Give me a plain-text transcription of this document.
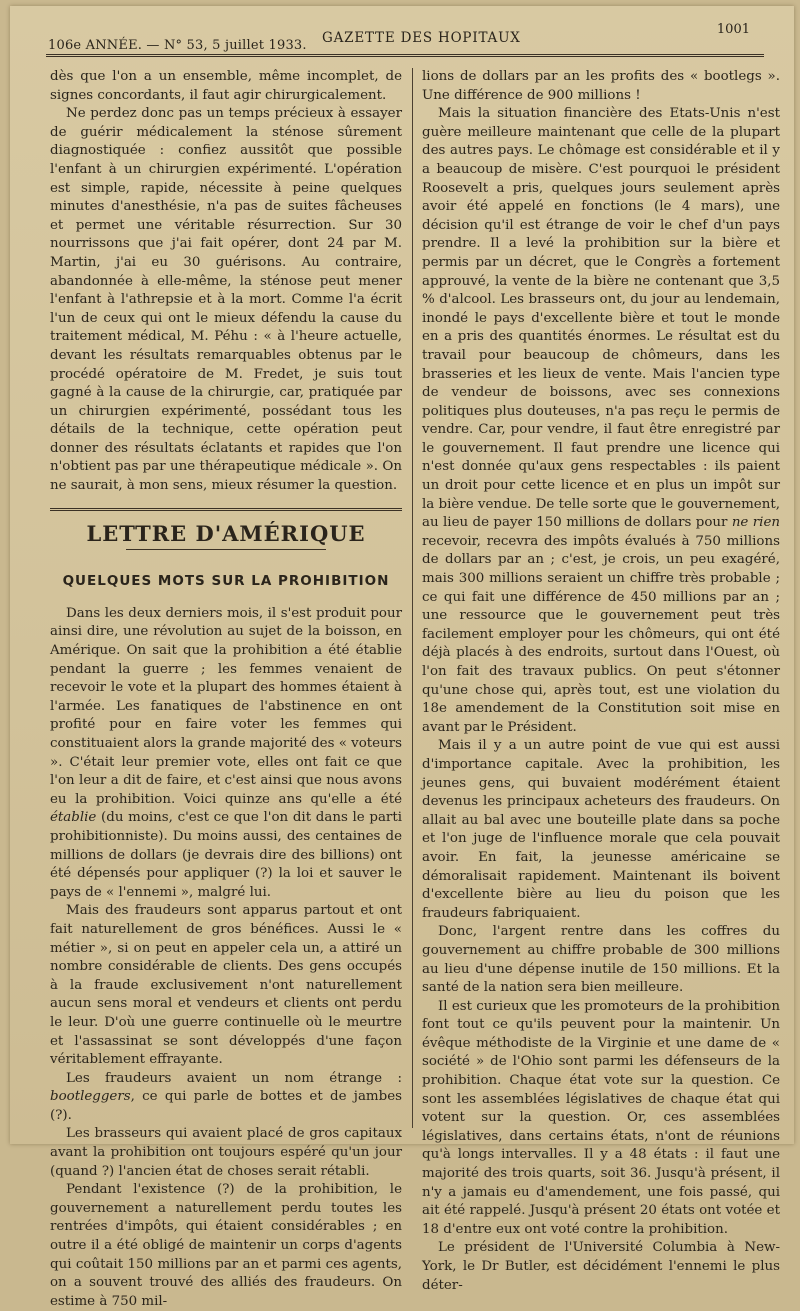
106e ANNÉE. — N° 53, 5 juillet 1933. GAZETTE DES HOPITAUX
1001

dès que l'on a un ensemble, même incomplet, de signes concordants, il faut agir chirurgicalement.

Ne perdez donc pas un temps précieux à essayer de guérir médicalement la sténose sûrement diagnostiquée : confiez aussitôt que possible l'enfant à un chirurgien expérimenté. L'opération est simple, rapide, nécessite à peine quelques minutes d'anesthésie, n'a pas de suites fâcheuses et permet une véritable résurrection. Sur 30 nourrissons que j'ai fait opérer, dont 24 par M. Martin, j'ai eu 30 guérisons. Au contraire, abandonnée à elle-même, la sténose peut mener l'enfant à l'athrepsie et à la mort. Comme l'a écrit l'un de ceux qui ont le mieux défendu la cause du traitement médical, M. Péhu : « à l'heure actuelle, devant les résultats remarquables obtenus par le procédé opératoire de M. Fredet, je suis tout gagné à la cause de la chirurgie, car, pratiquée par un chirurgien expérimenté, possédant tous les détails de la technique, cette opération peut donner des résultats éclatants et rapides que l'on n'obtient pas par une thérapeutique médicale ». On ne saurait, à mon sens, mieux résumer la question.

LETTRE D'AMÉRIQUE
QUELQUES MOTS SUR LA PROHIBITION

Dans les deux derniers mois, il s'est produit pour ainsi dire, une révolution au sujet de la boisson, en Amérique. On sait que la prohibition a été établie pendant la guerre ; les femmes venaient de recevoir le vote et la plupart des hommes étaient à l'armée. Les fanatiques de l'abstinence en ont profité pour en faire voter les femmes qui constituaient alors la grande majorité des « voteurs ». C'était leur premier vote, elles ont fait ce que l'on leur a dit de faire, et c'est ainsi que nous avons eu la prohibition. Voici quinze ans qu'elle a été établie (du moins, c'est ce que l'on dit dans le parti prohibitionniste). Du moins aussi, des centaines de millions de dollars (je devrais dire des billions) ont été dépensés pour appliquer (?) la loi et sauver le pays de « l'ennemi », malgré lui.

Mais des fraudeurs sont apparus partout et ont fait naturellement de gros bénéfices. Aussi le « métier », si on peut en appeler cela un, a attiré un nombre considérable de clients. Des gens occupés à la fraude exclusivement n'ont naturellement aucun sens moral et vendeurs et clients ont perdu le leur. D'où une guerre continuelle où le meurtre et l'assassinat se sont développés d'une façon véritablement effrayante.

Les fraudeurs avaient un nom étrange : bootleggers, ce qui parle de bottes et de jambes (?).

Les brasseurs qui avaient placé de gros capitaux avant la prohibition ont toujours espéré qu'un jour (quand ?) l'ancien état de choses serait rétabli.

Pendant l'existence (?) de la prohibition, le gouvernement a naturellement perdu toutes les rentrées d'impôts, qui étaient considérables ; en outre il a été obligé de maintenir un corps d'agents qui coûtait 150 millions par an et parmi ces agents, on a souvent trouvé des alliés des fraudeurs. On estime à 750 mil-

lions de dollars par an les profits des « bootlegs ». Une différence de 900 millions !

Mais la situation financière des Etats-Unis n'est guère meilleure maintenant que celle de la plupart des autres pays. Le chômage est considérable et il y a beaucoup de misère. C'est pourquoi le président Roosevelt a pris, quelques jours seulement après avoir été appelé en fonctions (le 4 mars), une décision qu'il est étrange de voir le chef d'un pays prendre. Il a levé la prohibition sur la bière et permis par un décret, que le Congrès a fortement approuvé, la vente de la bière ne contenant que 3,5 % d'alcool. Les brasseurs ont, du jour au lendemain, inondé le pays d'excellente bière et tout le monde en a pris des quantités énormes. Le résultat est du travail pour beaucoup de chômeurs, dans les brasseries et les lieux de vente. Mais l'ancien type de vendeur de boissons, avec ses connexions politiques plus douteuses, n'a pas reçu le permis de vendre. Car, pour vendre, il faut être enregistré par le gouvernement. Il faut prendre une licence qui n'est donnée qu'aux gens respectables : ils paient un droit pour cette licence et en plus un impôt sur la bière vendue. De telle sorte que le gouvernement, au lieu de payer 150 millions de dollars pour ne rien recevoir, recevra des impôts évalués à 750 millions de dollars par an ; c'est, je crois, un peu exagéré, mais 300 millions seraient un chiffre très probable ; ce qui fait une différence de 450 millions par an ; une ressource que le gouvernement peut très facilement employer pour les chômeurs, qui ont été déjà placés à des endroits, surtout dans l'Ouest, où l'on fait des travaux publics. On peut s'étonner qu'une chose qui, après tout, est une violation du 18e amendement de la Constitution soit mise en avant par le Président.

Mais il y a un autre point de vue qui est aussi d'importance capitale. Avec la prohibition, les jeunes gens, qui buvaient modérément étaient devenus les principaux acheteurs des fraudeurs. On allait au bal avec une bouteille plate dans sa poche et l'on juge de l'influence morale que cela pouvait avoir. En fait, la jeunesse américaine se démoralisait rapidement. Maintenant ils boivent d'excellente bière au lieu du poison que les fraudeurs fabriquaient.

Donc, l'argent rentre dans les coffres du gouvernement au chiffre probable de 300 millions au lieu d'une dépense inutile de 150 millions. Et la santé de la nation sera bien meilleure.

Il est curieux que les promoteurs de la prohibition font tout ce qu'ils peuvent pour la maintenir. Un évêque méthodiste de la Virginie et une dame de « société » de l'Ohio sont parmi les défenseurs de la prohibition. Chaque état vote sur la question. Ce sont les assemblées législatives de chaque état qui votent sur la question. Or, ces assemblées législatives, dans certains états, n'ont de réunions qu'à longs intervalles. Il y a 48 états : il faut une majorité des trois quarts, soit 36. Jusqu'à présent, il n'y a jamais eu d'amendement, une fois passé, qui ait été rappelé. Jusqu'à présent 20 états ont votée et 18 d'entre eux ont voté contre la prohibition.

Le président de l'Université Columbia à New-York, le Dr Butler, est décidément l'ennemi le plus déter-
